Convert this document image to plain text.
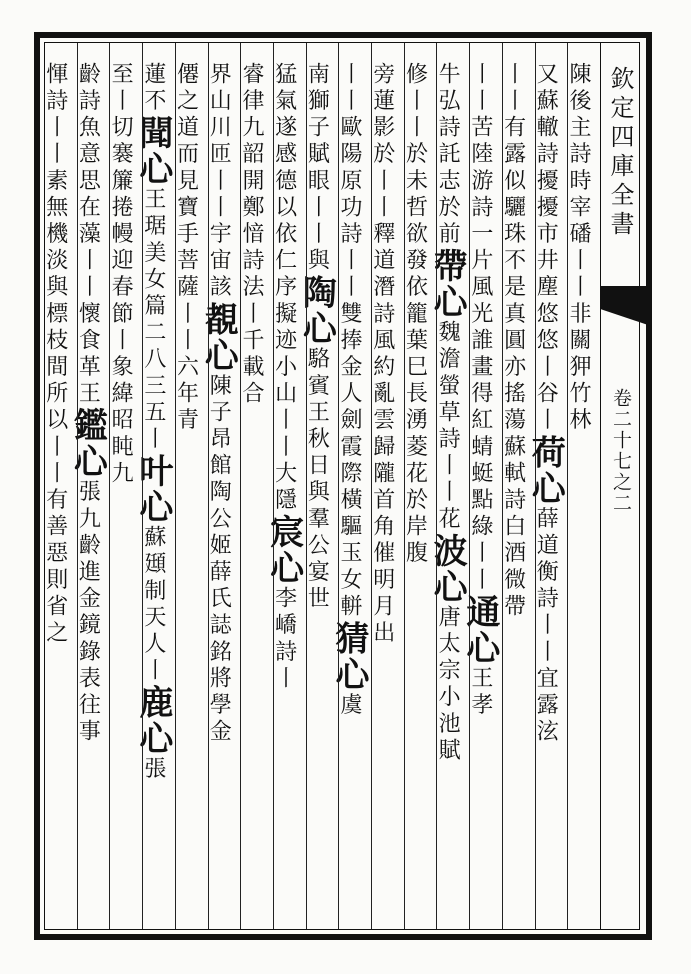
欽定四庫全書
卷二十七之二
陳後主詩時宰磻丨丨非關狎竹林
又蘇轍詩擾擾市井塵悠悠丨谷丨荷心薛道衡詩丨丨宜露泫
丨丨有露似驪珠不是真圓亦搖蕩蘇軾詩白酒微帶
丨丨苦陸游詩一片風光誰畫得紅蜻蜓點綠丨丨通心王孝
牛弘詩託志於前帶心魏澹螢草詩丨丨花波心唐太宗小池賦
修丨丨於未哲欲發依籠葉巳長湧菱花於岸腹
旁蓮影於丨丨釋道潛詩風約亂雲歸隴首角催明月出
丨丨歐陽原功詩丨丨雙捧金人劍霞際橫驅玉女軿猜心虞
南獅子賦眼丨丨與陶心駱賓王秋日與羣公宴世
猛氣遂感德以依仁序擬迹小山丨丨大隱宸心李嶠詩丨
睿律九韶開鄭愔詩法丨千載合
界山川匝丨丨宇宙該覩心陳子昂館陶公姬薛氏誌銘將學金
僊之道而見寶手菩薩丨丨六年青
蓮不聞心王琚美女篇二八三五丨叶心蘇頲制天人丨鹿心張
至丨切褰簾捲幔迎春節丨象緯昭盹九
齡詩魚意思在藻丨丨懷食革王鑑心張九齡進金鏡錄表往事
惲詩丨丨素無機淡與標枝間所以丨丨有善惡則省之
